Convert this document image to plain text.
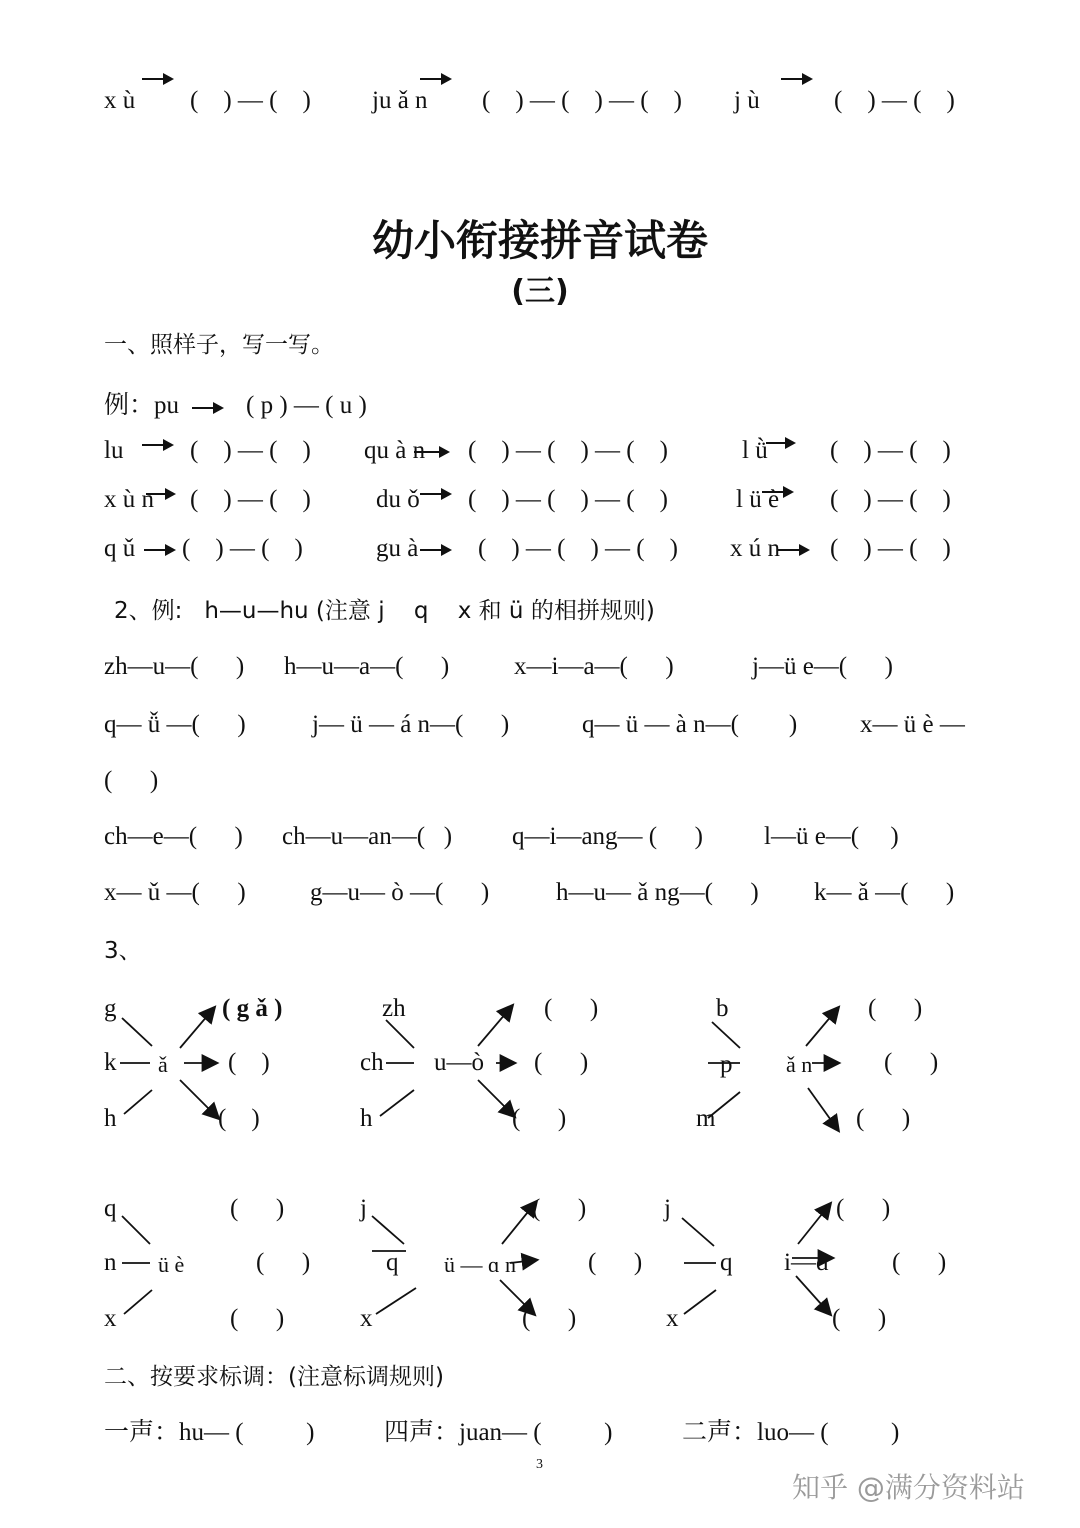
x ù (    ) — (    ) ju ǎ n (    ) — (    ) — (    ) j ù	(    ) — (    )
幼小衔接拼音试卷
(三)
一、照样子，写一写。
例：pu	( p ) — ( u )
lu	(    ) — (    ) qu à n (    ) — (    ) — (    )	l ǜ (    ) — (    )
x ù n (    ) — (    )	du ǒ (    ) — (    ) — (    )	l ü è (    ) — (    )
q ǔ (    ) — (    )	gu à (    ) — (    ) — (    ) x ú n (    ) — (    )
2、例:   h—u—hu (注意 j    q    x 和 ü 的相拼规则)
zh—u—(      ) h—u—a—(      )	x—i—a—(      )	j—ü e—(      )
q— ǚ —(      )	j— ü — á n—(      )	q— ü — à n—(        )	x— ü è —
(      )
ch—e—(      ) ch—u—an—(   ) q—i—ang— (      ) l—ü e—(     )
x— ǔ —(      )	g—u— ò —(      )	h—u— ǎ ng—(      ) k— ǎ —(      )
3、
g
k
h
ǎ
( g ǎ )
(    )
(    )
zh
ch
h
u—ò
(      )
(      )
(      )
b
p
m
ǎ n
(      )
(      )
(      )
q
n
x
ü è
(      )
(      )
(      )
j
q
x
ü — ɑ n
(      )
(      )
(      )
j
q
x
i—ɑ
(      )
(      )
(      )
二、按要求标调：(注意标调规则)
一声：hu— (          )	四声：juan— (          )	二声：luo— (          )
3
知乎 @满分资料站
